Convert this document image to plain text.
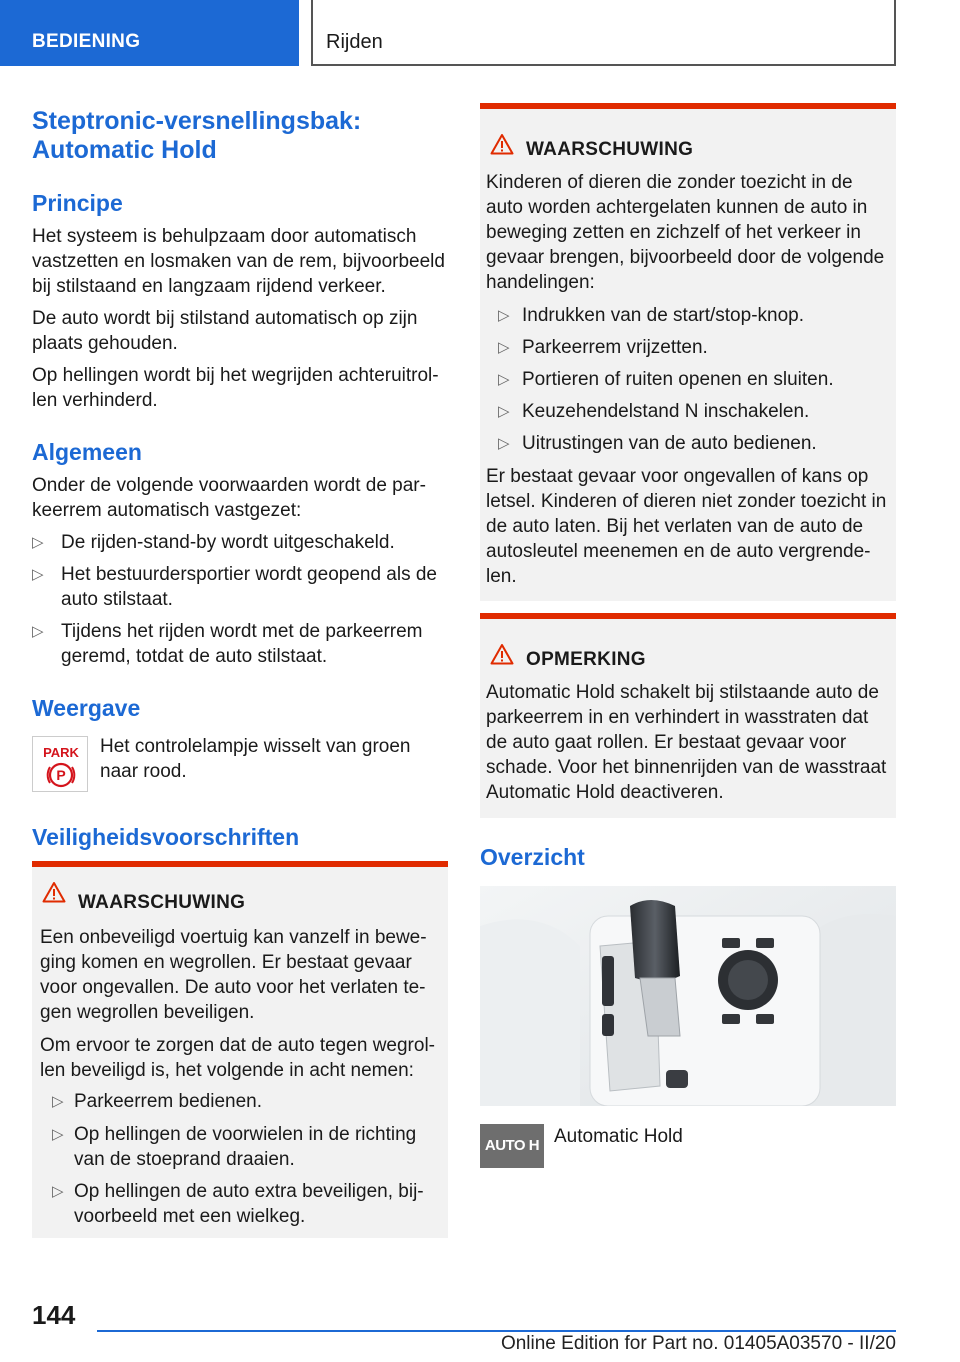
BEDIENING	Rijden
Steptronic-versnellingsbak:
Automatic Hold
Principe
Het systeem is behulpzaam door automatisch
vastzetten en losmaken van de rem, bijvoorbeeld
bij stilstaand en langzaam rijdend verkeer.
De auto wordt bij stilstand automatisch op zijn
plaats gehouden.
Op hellingen wordt bij het wegrijden achteruitrol-
len verhinderd.
Algemeen
Onder de volgende voorwaarden wordt de par-
keerrem automatisch vastgezet:
▷ De rijden-stand-by wordt uitgeschakeld.
▷ Het bestuurdersportier wordt geopend als de
auto stilstaat.
▷ Tijdens het rijden wordt met de parkeerrem
geremd, totdat de auto stilstaat.
Weergave
Het controlelampje wisselt van groen
naar rood.
Veiligheidsvoorschriften
PARK
P
WAARSCHUWING
Een onbeveiligd voertuig kan vanzelf in bewe-
ging komen en wegrollen. Er bestaat gevaar
voor ongevallen. De auto voor het verlaten te-
gen wegrollen beveiligen.
Om ervoor te zorgen dat de auto tegen wegrol-
len beveiligd is, het volgende in acht nemen:
▷ Parkeerrem bedienen.
▷ Op hellingen de voorwielen in de richting
van de stoeprand draaien.
▷ Op hellingen de auto extra beveiligen, bij-
voorbeeld met een wielkeg.
WAARSCHUWING
Kinderen of dieren die zonder toezicht in de
auto worden achtergelaten kunnen de auto in
beweging zetten en zichzelf of het verkeer in
gevaar brengen, bijvoorbeeld door de volgende
handelingen:
▷ Indrukken van de start/stop-knop.
▷ Parkeerrem vrijzetten.
▷ Portieren of ruiten openen en sluiten.
▷ Keuzehendelstand N inschakelen.
▷ Uitrustingen van de auto bedienen.
Er bestaat gevaar voor ongevallen of kans op
letsel. Kinderen of dieren niet zonder toezicht in
de auto laten. Bij het verlaten van de auto de
autosleutel meenemen en de auto vergrende-
len.
OPMERKING
Automatic Hold schakelt bij stilstaande auto de
parkeerrem in en verhindert in wasstraten dat
de auto gaat rollen. Er bestaat gevaar voor
schade. Voor het binnenrijden van de wasstraat
Automatic Hold deactiveren.
Overzicht
AUTO H Automatic Hold
144
Online Edition for Part no. 01405A03570 - II/20
